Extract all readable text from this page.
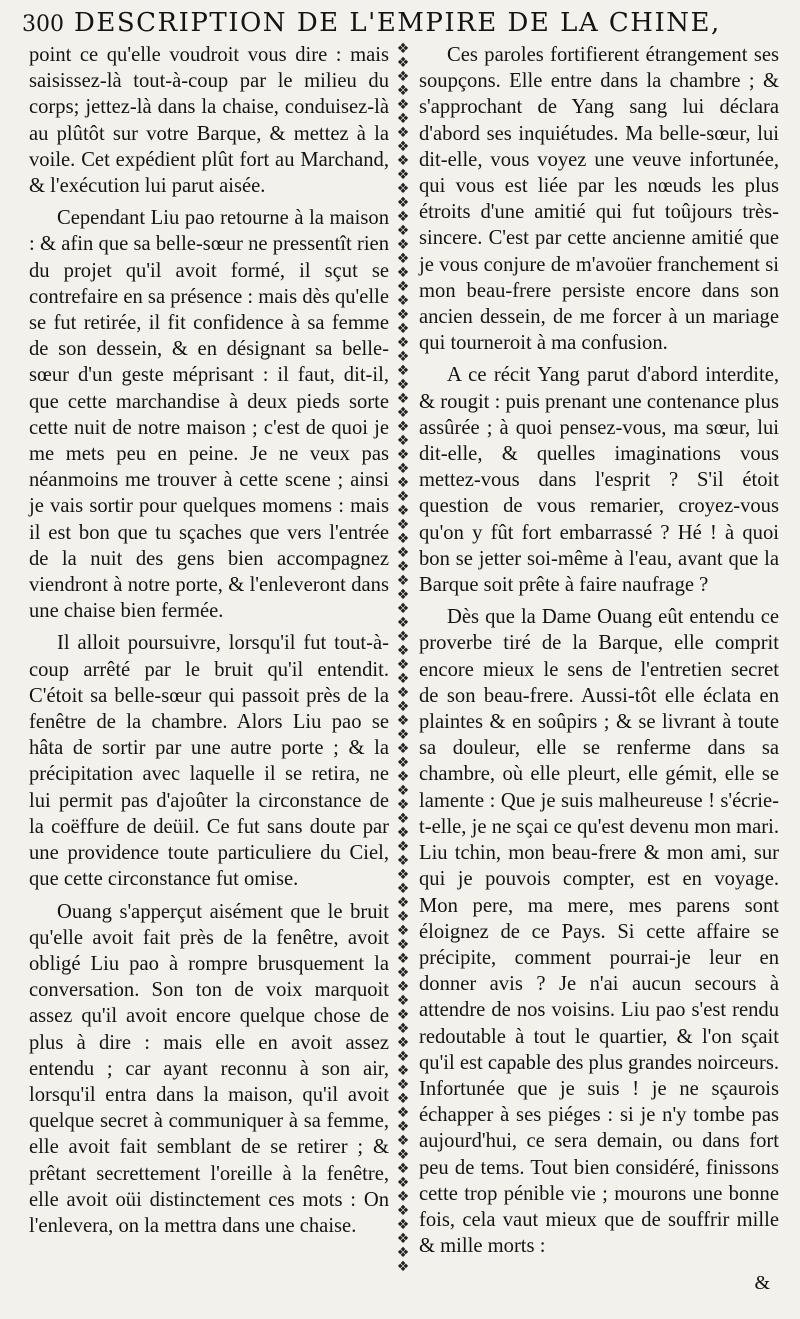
300 DESCRIPTION DE L'EMPIRE DE LA CHINE,

point ce qu'elle voudroit vous dire : mais saisissez-là tout-à-coup par le milieu du corps; jettez-là dans la chaise, conduisez-là au plûtôt sur votre Barque, & mettez à la voile. Cet expédient plût fort au Marchand, & l'exécution lui parut aisée.

Cependant Liu pao retourne à la maison : & afin que sa belle-sœur ne pressentît rien du projet qu'il avoit formé, il sçut se contrefaire en sa présence : mais dès qu'elle se fut retirée, il fit confidence à sa femme de son dessein, & en désignant sa belle-sœur d'un geste méprisant : il faut, dit-il, que cette marchandise à deux pieds sorte cette nuit de notre maison ; c'est de quoi je me mets peu en peine. Je ne veux pas néanmoins me trouver à cette scene ; ainsi je vais sortir pour quelques momens : mais il est bon que tu sçaches que vers l'entrée de la nuit des gens bien accompagnez viendront à notre porte, & l'enleveront dans une chaise bien fermée.

Il alloit poursuivre, lorsqu'il fut tout-à-coup arrêté par le bruit qu'il entendit. C'étoit sa belle-sœur qui passoit près de la fenêtre de la chambre. Alors Liu pao se hâta de sortir par une autre porte ; & la précipitation avec laquelle il se retira, ne lui permit pas d'ajoûter la circonstance de la coëffure de deüil. Ce fut sans doute par une providence toute particuliere du Ciel, que cette circonstance fut omise.

Ouang s'apperçut aisément que le bruit qu'elle avoit fait près de la fenêtre, avoit obligé Liu pao à rompre brusquement la conversation. Son ton de voix marquoit assez qu'il avoit encore quelque chose de plus à dire : mais elle en avoit assez entendu ; car ayant reconnu à son air, lorsqu'il entra dans la maison, qu'il avoit quelque secret à communiquer à sa femme, elle avoit fait semblant de se retirer ; & prêtant secrettement l'oreille à la fenêtre, elle avoit oüi distinctement ces mots : On l'enlevera, on la mettra dans une chaise.

❖
❖
❖
❖
❖
❖
❖
❖
❖
❖
❖
❖
❖
❖
❖
❖
❖
❖
❖
❖
❖
❖
❖
❖
❖
❖
❖
❖
❖
❖
❖
❖
❖
❖
❖
❖
❖
❖
❖
❖
❖
❖
❖
❖
❖
❖
❖
❖
❖
❖
❖
❖
❖
❖
❖
❖
❖
❖
❖
❖
❖
❖
❖
❖
❖
❖
❖
❖
❖
❖
❖
❖
❖
❖
❖
❖
❖
❖
❖
❖
❖
❖
❖
❖
❖
❖
❖
❖

Ces paroles fortifierent étrangement ses soupçons. Elle entre dans la chambre ; & s'approchant de Yang sang lui déclara d'abord ses inquiétudes. Ma belle-sœur, lui dit-elle, vous voyez une veuve infortunée, qui vous est liée par les nœuds les plus étroits d'une amitié qui fut toûjours très-sincere. C'est par cette ancienne amitié que je vous conjure de m'avoüer franchement si mon beau-frere persiste encore dans son ancien dessein, de me forcer à un mariage qui tourneroit à ma confusion.

A ce récit Yang parut d'abord interdite, & rougit : puis prenant une contenance plus assûrée ; à quoi pensez-vous, ma sœur, lui dit-elle, & quelles imaginations vous mettez-vous dans l'esprit ? S'il étoit question de vous remarier, croyez-vous qu'on y fût fort embarrassé ? Hé ! à quoi bon se jetter soi-même à l'eau, avant que la Barque soit prête à faire naufrage ?

Dès que la Dame Ouang eût entendu ce proverbe tiré de la Barque, elle comprit encore mieux le sens de l'entretien secret de son beau-frere. Aussi-tôt elle éclata en plaintes & en soûpirs ; & se livrant à toute sa douleur, elle se renferme dans sa chambre, où elle pleurt, elle gémit, elle se lamente : Que je suis malheureuse ! s'écrie-t-elle, je ne sçai ce qu'est devenu mon mari. Liu tchin, mon beau-frere & mon ami, sur qui je pouvois compter, est en voyage. Mon pere, ma mere, mes parens sont éloignez de ce Pays. Si cette affaire se précipite, comment pourrai-je leur en donner avis ? Je n'ai aucun secours à attendre de nos voisins. Liu pao s'est rendu redoutable à tout le quartier, & l'on sçait qu'il est capable des plus grandes noirceurs. Infortunée que je suis ! je ne sçaurois échapper à ses piéges : si je n'y tombe pas aujourd'hui, ce sera demain, ou dans fort peu de tems. Tout bien considéré, finissons cette trop pénible vie ; mourons une bonne fois, cela vaut mieux que de souffrir mille & mille morts :

&
